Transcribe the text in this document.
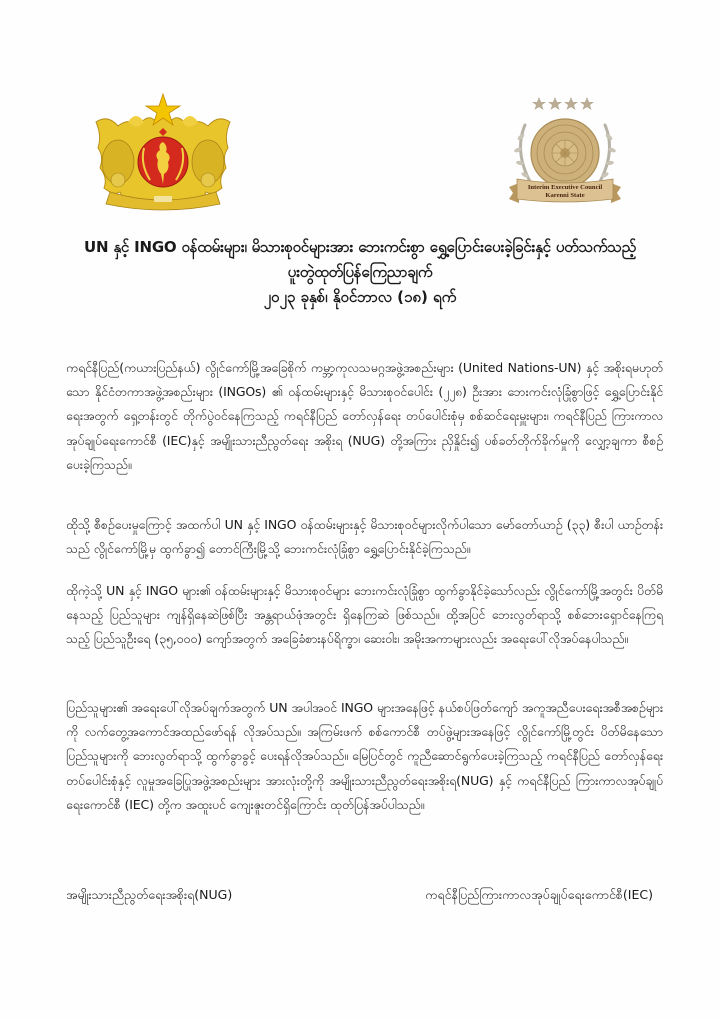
Interim Executive Council
Karenni State
UN နှင့် INGO ဝန်ထမ်းများ၊ မိသားစုဝင်များအား ဘေးကင်းစွာ ရွှေ့ပြောင်းပေးခဲ့ခြင်းနှင့် ပတ်သက်သည့်
ပူးတွဲထုတ်ပြန်ကြေညာချက်
၂၀၂၃ ခုနှစ်၊ နိုဝင်ဘာလ (၁၈) ရက်

ကရင်နီပြည်(ကယားပြည်နယ်) လွိုင်ကော်မြို့အခြေစိုက် ကမ္ဘာ့ကုလသမဂ္ဂအဖွဲ့အစည်းများ (United Nations-UN) နှင့် အစိုးရမဟုတ်သော နိုင်ငံတကာအဖွဲ့အစည်းများ (INGOs) ၏ ဝန်ထမ်းများနှင့် မိသားစုဝင်ပေါင်း (၂၂၈) ဦးအား ဘေးကင်းလုံခြုံစွာဖြင့် ရွှေ့ပြောင်းနိုင်ရေးအတွက် ရှေ့တန်းတွင် တိုက်ပွဲဝင်နေကြသည့် ကရင်နီပြည် တော်လှန်ရေး တပ်ပေါင်းစုံမှ စစ်ဆင်ရေးမှူးများ၊ ကရင်နီပြည် ကြားကာလအုပ်ချုပ်ရေးကောင်စီ (IEC)နှင့် အမျိုးသားညီညွတ်ရေး အစိုးရ (NUG) တို့အကြား ညှိနှိုင်း၍ ပစ်ခတ်တိုက်ခိုက်မှုကို လျှော့ချကာ စီစဉ်ပေးခဲ့ကြသည်။

ထိုသို့ စီစဉ်ပေးမှုကြောင့် အထက်ပါ UN နှင့် INGO ဝန်ထမ်းများနှင့် မိသားစုဝင်များလိုက်ပါသော မော်တော်ယာဉ် (၃၃) စီးပါ ယာဉ်တန်းသည် လွိုင်ကော်မြို့မှ ထွက်ခွာ၍ တောင်ကြီးမြို့သို့ ဘေးကင်းလုံခြုံစွာ ရွှေ့ပြောင်းနိုင်ခဲ့ကြသည်။

ထိုကဲ့သို့ UN နှင့် INGO များ၏ ဝန်ထမ်းများနှင့် မိသားစုဝင်များ ဘေးကင်းလုံခြုံစွာ ထွက်ခွာနိုင်ခဲ့သော်လည်း လွိုင်ကော်မြို့အတွင်း ပိတ်မိနေသည့် ပြည်သူများ ကျန်ရှိနေဆဲဖြစ်ပြီး အန္တရာယ်ဖုံအတွင်း ရှိနေကြဆဲ ဖြစ်သည်။ ထို့အပြင် ဘေးလွတ်ရာသို့ စစ်ဘေးရှောင်နေကြရသည့် ပြည်သူဦးရေ (၃၅,၀၀၀) ကျော်အတွက် အခြေခံစားနပ်ရိက္ခာ၊ ဆေးဝါး၊ အမိုးအကာများလည်း အရေးပေါ်လိုအပ်နေပါသည်။

ပြည်သူများ၏ အရေးပေါ်လိုအပ်ချက်အတွက် UN အပါအဝင် INGO များအနေဖြင့် နယ်စပ်ဖြတ်ကျော် အကူအညီပေးရေးအစီအစဉ်များကို လက်တွေ့အကောင်အထည်ဖော်ရန် လိုအပ်သည်။ အကြမ်းဖက် စစ်ကောင်စီ တပ်ဖွဲ့များအနေဖြင့် လွိုင်ကော်မြို့တွင်း ပိတ်မိနေသော ပြည်သူများကို ဘေးလွတ်ရာသို့ ထွက်ခွာခွင့် ပေးရန်လိုအပ်သည်။ မြေပြင်တွင် ကူညီဆောင်ရွက်ပေးခဲ့ကြသည့် ကရင်နီပြည် တော်လှန်ရေးတပ်ပေါင်းစုံနှင့် လူမှုအခြေပြုအဖွဲ့အစည်းများ အားလုံးတို့ကို အမျိုးသားညီညွတ်ရေးအစိုးရ(NUG) နှင့် ကရင်နီပြည် ကြားကာလအုပ်ချုပ်ရေးကောင်စီ (IEC) တို့က အထူးပင် ကျေးဇူးတင်ရှိကြောင်း ထုတ်ပြန်အပ်ပါသည်။

အမျိုးသားညီညွတ်ရေးအစိုးရ(NUG)	ကရင်နီပြည်ကြားကာလအုပ်ချုပ်ရေးကောင်စီ(IEC)
